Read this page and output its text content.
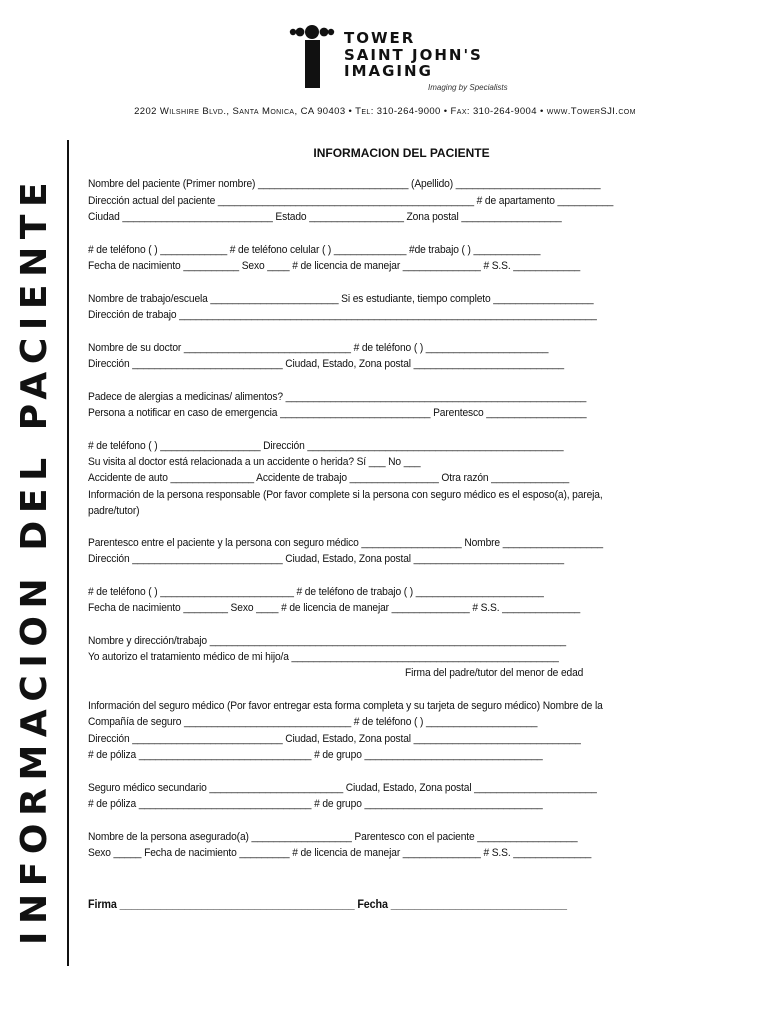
TOWER
SAINT JOHN'S
IMAGING
Imaging by Specialists
2202 Wilshire Blvd., Santa Monica, CA 90403 • Tel: 310-264-9000 • Fax: 310-264-9004 • www.TowerSJI.com
INFORMACION DEL PACIENTE
INFORMACION DEL PACIENTE
Nombre del paciente (Primer nombre) ___________________________ (Apellido) __________________________
Dirección actual del paciente ______________________________________________ # de apartamento __________
Ciudad ___________________________ Estado _________________ Zona postal __________________
# de teléfono ( ) ____________ # de teléfono celular ( ) _____________ #de trabajo ( ) ____________
Fecha de nacimiento __________ Sexo ____ # de licencia de manejar ______________ # S.S. ____________
Nombre de trabajo/escuela _______________________ Si es estudiante, tiempo completo __________________
Dirección de trabajo ___________________________________________________________________________
Nombre de su doctor ______________________________ # de teléfono ( ) ______________________
Dirección ___________________________ Ciudad, Estado, Zona postal ___________________________
Padece de alergias a medicinas/ alimentos? ______________________________________________________
Persona a notificar en caso de emergencia ___________________________ Parentesco __________________
# de teléfono ( ) __________________ Dirección ______________________________________________
Su visita al doctor está relacionada a un accidente o herida? Sí ___ No ___
Accidente de auto _______________ Accidente de trabajo ________________ Otra razón ______________
Información de la persona responsable (Por favor complete si la persona con seguro médico es el esposo(a), pareja,
padre/tutor)
Parentesco entre el paciente y la persona con seguro médico __________________ Nombre __________________
Dirección ___________________________ Ciudad, Estado, Zona postal ___________________________
# de teléfono ( ) ________________________ # de teléfono de trabajo ( ) _______________________
Fecha de nacimiento ________ Sexo ____ # de licencia de manejar ______________ # S.S. ______________
Nombre y dirección/trabajo ________________________________________________________________
Yo autorizo el tratamiento médico de mi hijo/a ________________________________________________
Firma del padre/tutor del menor de edad
Información del seguro médico (Por favor entregar esta forma completa y su tarjeta de seguro médico) Nombre de la
Compañía de seguro ______________________________ # de teléfono ( ) ____________________
Dirección ___________________________ Ciudad, Estado, Zona postal ______________________________
# de póliza _______________________________ # de grupo ________________________________
Seguro médico secundario ________________________ Ciudad, Estado, Zona postal ______________________
# de póliza _______________________________ # de grupo ________________________________
Nombre de la persona asegurado(a) __________________ Parentesco con el paciente __________________
Sexo _____ Fecha de nacimiento _________ # de licencia de manejar ______________ # S.S. ______________
Firma ________________________________________ Fecha ______________________________
